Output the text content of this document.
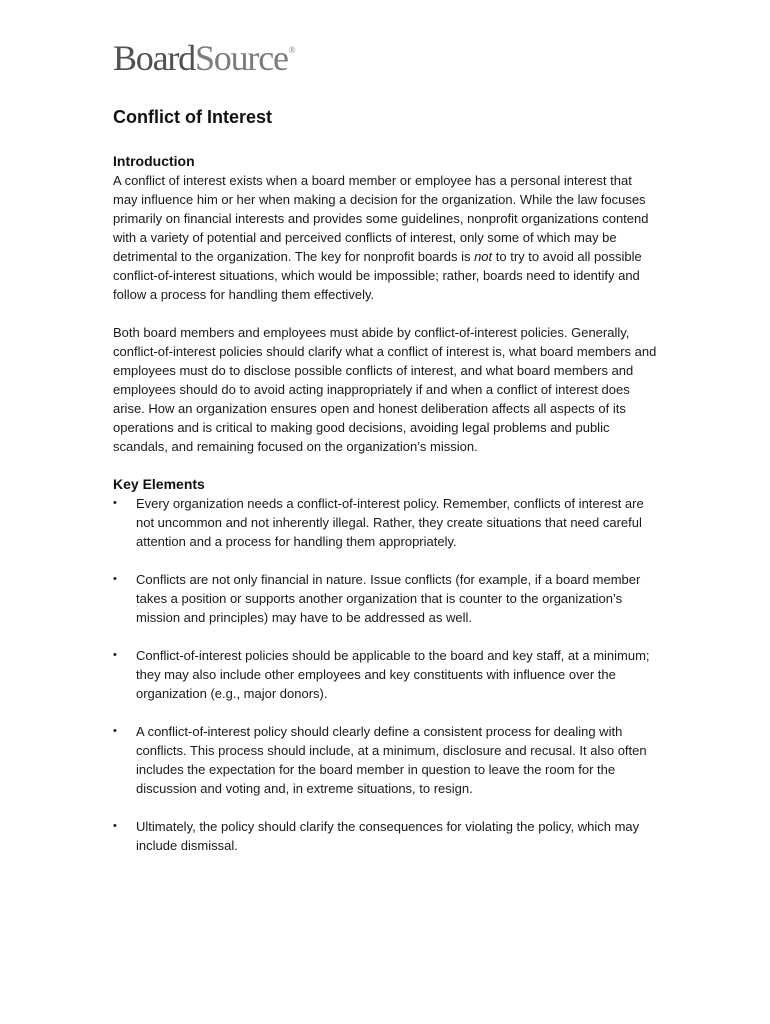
BoardSource®
Conflict of Interest
Introduction

A conflict of interest exists when a board member or employee has a personal interest that may influence him or her when making a decision for the organization. While the law focuses primarily on financial interests and provides some guidelines, nonprofit organizations contend with a variety of potential and perceived conflicts of interest, only some of which may be detrimental to the organization. The key for nonprofit boards is not to try to avoid all possible conflict-of-interest situations, which would be impossible; rather, boards need to identify and follow a process for handling them effectively.

Both board members and employees must abide by conflict-of-interest policies. Generally, conflict-of-interest policies should clarify what a conflict of interest is, what board members and employees must do to disclose possible conflicts of interest, and what board members and employees should do to avoid acting inappropriately if and when a conflict of interest does arise. How an organization ensures open and honest deliberation affects all aspects of its operations and is critical to making good decisions, avoiding legal problems and public scandals, and remaining focused on the organization’s mission.

Key Elements
•	Every organization needs a conflict-of-interest policy. Remember, conflicts of interest are not uncommon and not inherently illegal. Rather, they create situations that need careful attention and a process for handling them appropriately.
•	Conflicts are not only financial in nature. Issue conflicts (for example, if a board member takes a position or supports another organization that is counter to the organization’s mission and principles) may have to be addressed as well.
•	Conflict-of-interest policies should be applicable to the board and key staff, at a minimum; they may also include other employees and key constituents with influence over the organization (e.g., major donors).
•	A conflict-of-interest policy should clearly define a consistent process for dealing with conflicts. This process should include, at a minimum, disclosure and recusal. It also often includes the expectation for the board member in question to leave the room for the discussion and voting and, in extreme situations, to resign.
•	Ultimately, the policy should clarify the consequences for violating the policy, which may include dismissal.
